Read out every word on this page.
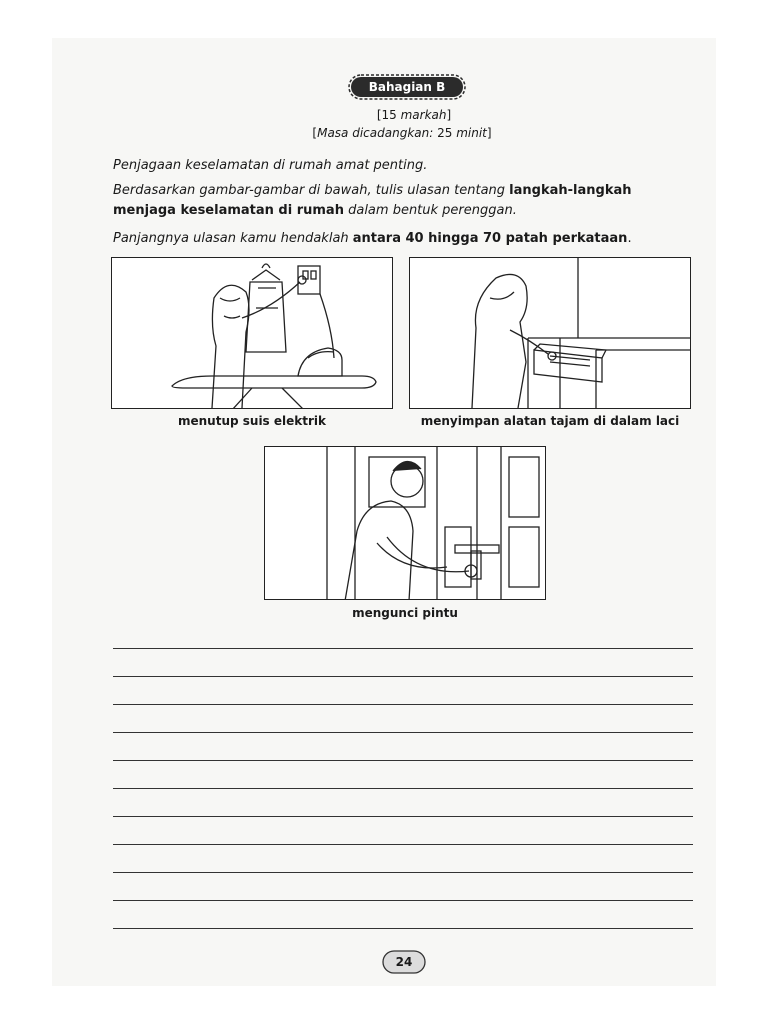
Bahagian B
[15 markah]
[Masa dicadangkan: 25 minit]
Penjagaan keselamatan di rumah amat penting.
Berdasarkan gambar-gambar di bawah, tulis ulasan tentang langkah-langkah menjaga keselamatan di rumah dalam bentuk perenggan.
Panjangnya ulasan kamu hendaklah antara 40 hingga 70 patah perkataan.
menutup suis elektrik	menyimpan alatan tajam di dalam laci
mengunci pintu
24
